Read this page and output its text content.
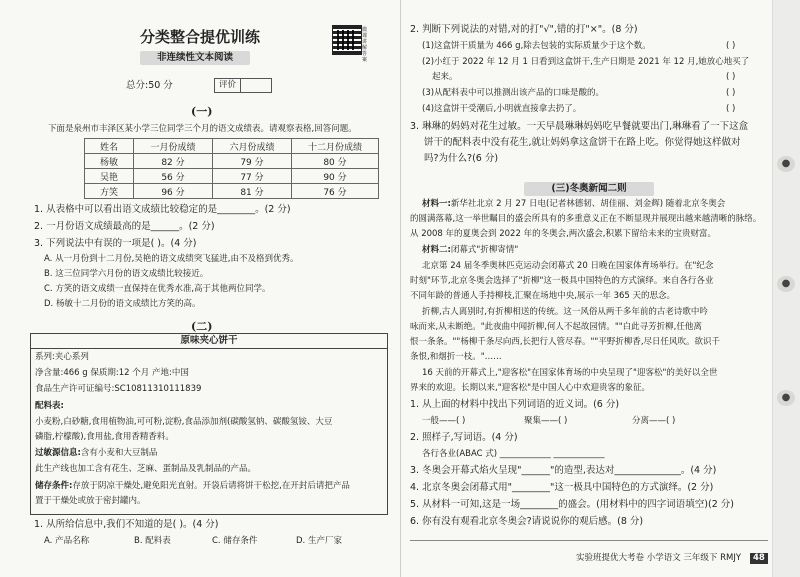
分类整合提优训练	微课讲解答案
非连续性文本阅读
总分:50 分	评价
(一)
下面是泉州市丰泽区某小学三位同学三个月的语文成绩表。请观察表格,回答问题。
姓名	一月份成绩	六月份成绩	十二月份成绩
杨敏	82 分	79 分	80 分
吴艳	56 分	77 分	90 分
方笑	96 分	81 分	76 分
1. 从表格中可以看出语文成绩比较稳定的是________。(2 分)
2. 一月份语文成绩最高的是______。(2 分)
3. 下列说法中有误的一项是( )。(4 分)
A. 从一月份到十二月份,吴艳的语文成绩突飞猛进,由不及格到优秀。
B. 这三位同学六月份的语文成绩比较接近。
C. 方笑的语文成绩一直保持在优秀水准,高于其他两位同学。
D. 杨敏十二月份的语文成绩比方笑的高。
(二)
原味夹心饼干
系列:夹心系列
净含量:466 g 保质期:12 个月 产地:中国
食品生产许可证编号:SC10811310111839
配料表:
小麦粉,白砂糖,食用植物油,可可粉,淀粉,食品添加剂(碳酸氢钠、碳酸氢铵、大豆
磷脂,柠檬酸),食用盐,食用香精香料。
过敏源信息:含有小麦和大豆制品
此生产线也加工含有花生、芝麻、蛋制品及乳制品的产品。
储存条件:存放于阴凉干燥处,避免阳光直射。开袋后请将饼干松挖,在开封后请把产品
置于干燥处或放于密封罐内。
1. 从所给信息中,我们不知道的是( )。(4 分)
A. 产品名称	B. 配料表	C. 储存条件	D. 生产厂家
2. 判断下列说法的对错,对的打"√",错的打"×"。(8 分)
(1)这盒饼干质量为 466 g,除去包装的实际质量少于这个数。	( )
(2)小红于 2022 年 12 月 1 日看到这盒饼干,生产日期是 2021 年 12 月,她放心地买了
起来。	( )
(3)从配料表中可以推测出该产品的口味是酸的。	( )
(4)这盒饼干受潮后,小明就直接拿去扔了。	( )
3. 琳琳的妈妈对花生过敏。一天早晨琳琳妈妈吃早餐就要出门,琳琳看了一下这盒
饼干的配料表中没有花生,就让妈妈拿这盒饼干在路上吃。你觉得她这样做对
吗?为什么?(6 分)
(三)冬奥新闻二则
材料一:新华社北京 2 月 27 日电(记者林德韧、胡佳丽、刘金辉) 随着北京冬奥会
的圆满落幕,这一举世瞩目的盛会所具有的多重意义正在不断显现并展现出越来越清晰的脉络。
从 2008 年的夏奥会到 2022 年的冬奥会,两次盛会,积累下留给未来的宝贵财富。
材料二:闭幕式"折柳寄情"
北京第 24 届冬季奥林匹克运动会闭幕式 20 日晚在国家体育场举行。在"纪念
时刻"环节,北京冬奥会选择了"折柳"这一极具中国特色的方式演绎。来自各行各业
不同年龄的普通人手持柳枝,汇聚在场地中央,展示一年 365 天的思念。
折柳,古人离别时,有折柳相送的传统。这一风俗从两千多年前的古老诗歌中吟
咏而来,从未断绝。"此夜曲中闻折柳,何人不起故园情。""白此寻芳折柳,任他离
恨一条条。""杨柳千条尽向西,长把行人管尽春。""平野折柳香,尽日任风吹。欲识千
条恨,和烟折一枝。"……
16 天前的开幕式上,"迎客松"在国家体育场的中央呈现了"迎客松"的美好以全世
界来的欢迎。长期以来,"迎客松"是中国人心中欢迎贵客的象征。
1. 从上面的材料中找出下列词语的近义词。(6 分)
一般——( )	聚集——( )	分离——( )
2. 照样子,写词语。(4 分)
各行各业(ABAC 式) ____________ ____________
3. 冬奥会开幕式焰火呈现"______"的造型,表达对______________。(4 分)
4. 北京冬奥会闭幕式用"________"这一极具中国特色的方式演绎。(2 分)
5. 从材料一可知,这是一场________的盛会。(用材料中的四字词语填空)(2 分)
6. 你有没有观看北京冬奥会?请说说你的观后感。(8 分)
实验班提优大考卷 小学语文 三年级下 RMJY	48
●
●
●
